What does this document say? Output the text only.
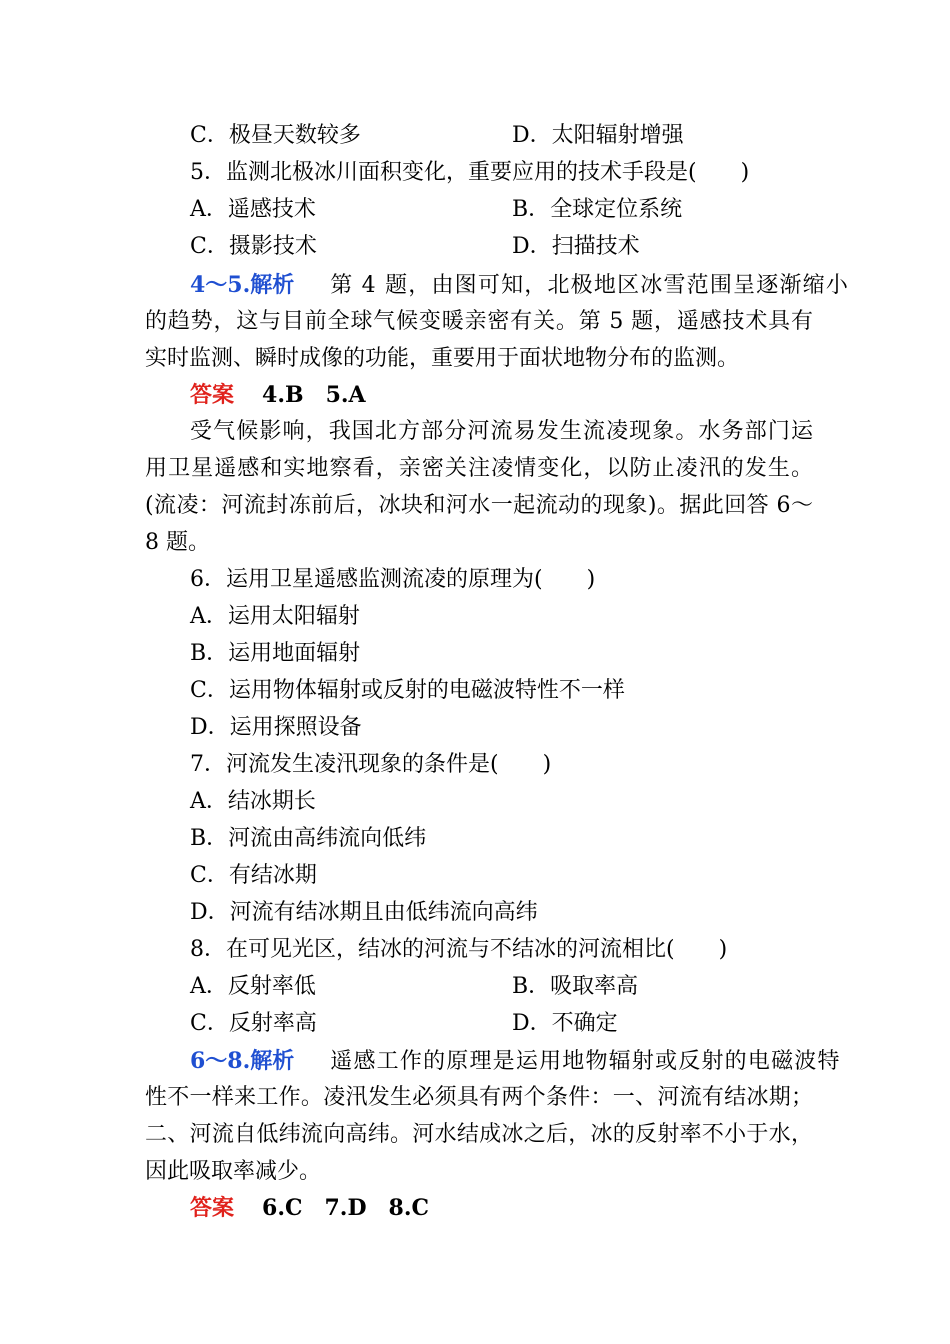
C．极昼天数较多	D．太阳辐射增强
5．监测北极冰川面积变化，重要应用的技术手段是(　　)
A．遥感技术	B．全球定位系统
C．摄影技术	D．扫描技术
4～5.解析 第 4 题，由图可知，北极地区冰雪范围呈逐渐缩小
的趋势，这与目前全球气候变暖亲密有关。第 5 题，遥感技术具有
实时监测、瞬时成像的功能，重要用于面状地物分布的监测。
答案 4.B　5.A
受气候影响，我国北方部分河流易发生流凌现象。水务部门运
用卫星遥感和实地察看，亲密关注凌情变化，以防止凌汛的发生。
(流凌：河流封冻前后，冰块和河水一起流动的现象)。据此回答 6～
8 题。
6．运用卫星遥感监测流凌的原理为(　　)
A．运用太阳辐射
B．运用地面辐射
C．运用物体辐射或反射的电磁波特性不一样
D．运用探照设备
7．河流发生凌汛现象的条件是(　　)
A．结冰期长
B．河流由高纬流向低纬
C．有结冰期
D．河流有结冰期且由低纬流向高纬
8．在可见光区，结冰的河流与不结冰的河流相比(　　)
A．反射率低	B．吸取率高
C．反射率高	D．不确定
6～8.解析 遥感工作的原理是运用地物辐射或反射的电磁波特
性不一样来工作。凌汛发生必须具有两个条件：一、河流有结冰期；
二、河流自低纬流向高纬。河水结成冰之后，冰的反射率不小于水，
因此吸取率减少。
答案 6.C　7.D　8.C
